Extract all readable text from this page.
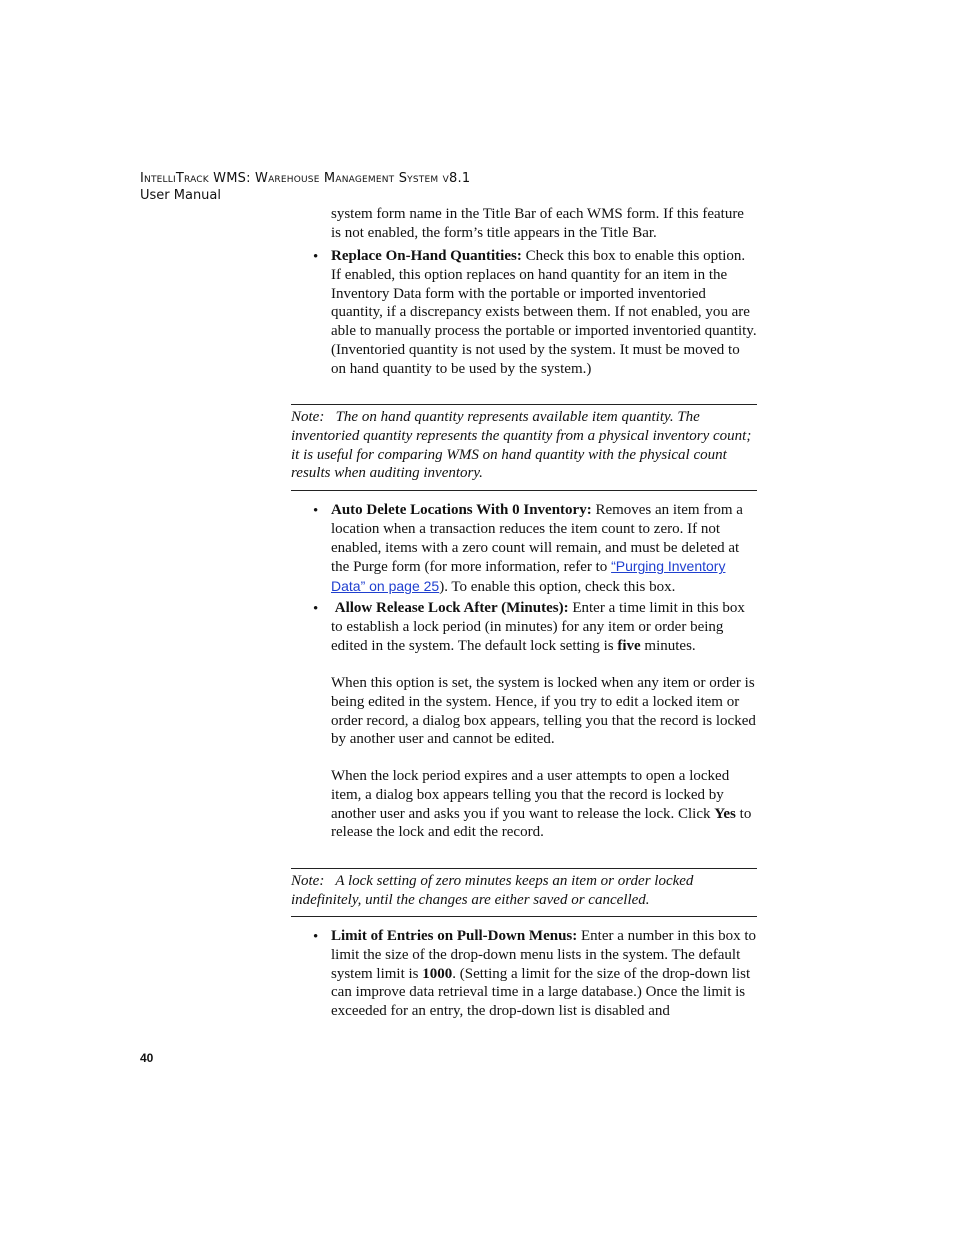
IntelliTrack WMS: Warehouse Management System v8.1
User Manual

system form name in the Title Bar of each WMS form. If this feature is not enabled, the form’s title appears in the Title Bar.

• Replace On-Hand Quantities: Check this box to enable this option. If enabled, this option replaces on hand quantity for an item in the Inventory Data form with the portable or imported inventoried quantity, if a discrepancy exists between them. If not enabled, you are able to manually process the portable or imported inventoried quantity. (Inventoried quantity is not used by the system. It must be moved to on hand quantity to be used by the system.)

Note: The on hand quantity represents available item quantity. The inventoried quantity represents the quantity from a physical inventory count; it is useful for comparing WMS on hand quantity with the physical count results when auditing inventory.

• Auto Delete Locations With 0 Inventory: Removes an item from a location when a transaction reduces the item count to zero. If not enabled, items with a zero count will remain, and must be deleted at the Purge form (for more information, refer to “Purging Inventory Data” on page 25). To enable this option, check this box.

• Allow Release Lock After (Minutes): Enter a time limit in this box to establish a lock period (in minutes) for any item or order being edited in the system. The default lock setting is five minutes.

When this option is set, the system is locked when any item or order is being edited in the system. Hence, if you try to edit a locked item or order record, a dialog box appears, telling you that the record is locked by another user and cannot be edited.

When the lock period expires and a user attempts to open a locked item, a dialog box appears telling you that the record is locked by another user and asks you if you want to release the lock. Click Yes to release the lock and edit the record.

Note: A lock setting of zero minutes keeps an item or order locked indefinitely, until the changes are either saved or cancelled.

• Limit of Entries on Pull-Down Menus: Enter a number in this box to limit the size of the drop-down menu lists in the system. The default system limit is 1000. (Setting a limit for the size of the drop-down list can improve data retrieval time in a large database.) Once the limit is exceeded for an entry, the drop-down list is disabled and

40
